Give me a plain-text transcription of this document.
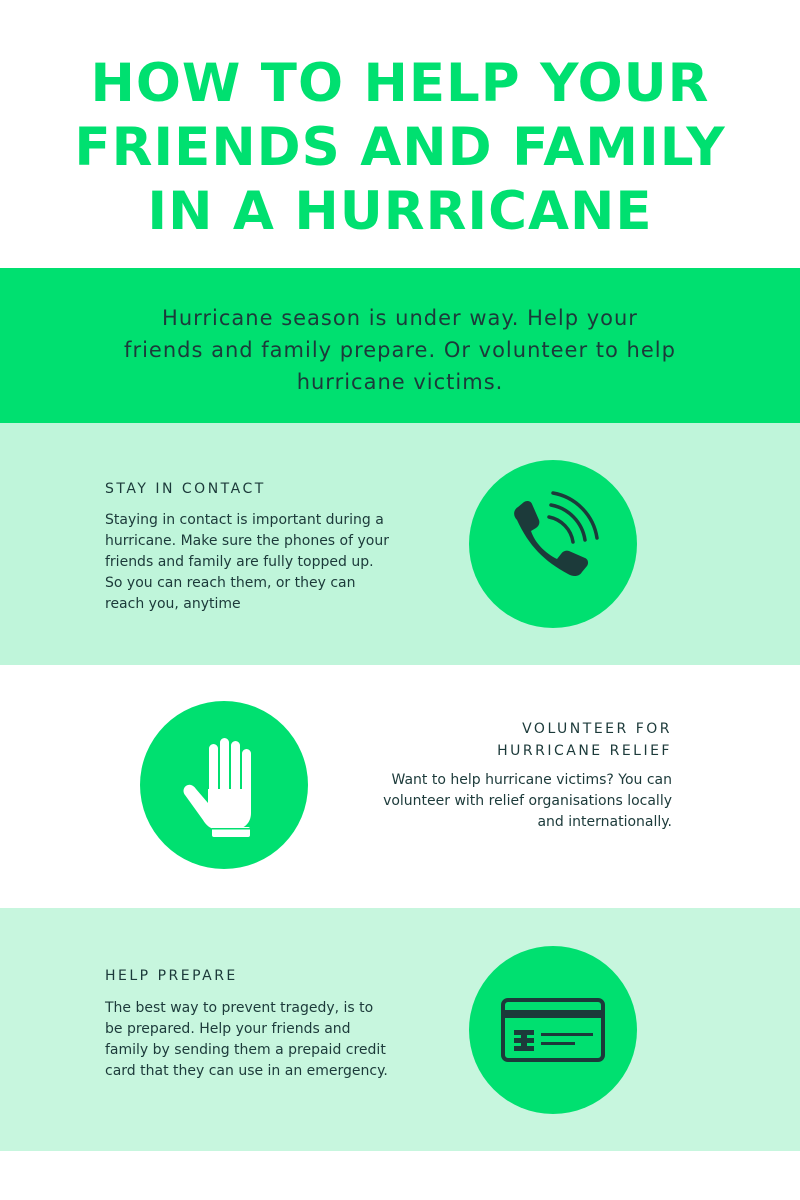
HOW TO HELP YOUR
FRIENDS AND FAMILY
IN A HURRICANE

Hurricane season is under way. Help your friends and family prepare. Or volunteer to help hurricane victims.

STAY IN CONTACT

Staying in contact is important during a hurricane. Make sure the phones of your friends and family are fully topped up. So you can reach them, or they can reach you, anytime

VOLUNTEER FOR
HURRICANE RELIEF

Want to help hurricane victims? You can volunteer with relief organisations locally and internationally.

HELP PREPARE

The best way to prevent tragedy, is to be prepared. Help your friends and family by sending them a prepaid credit card that they can use in an emergency.
